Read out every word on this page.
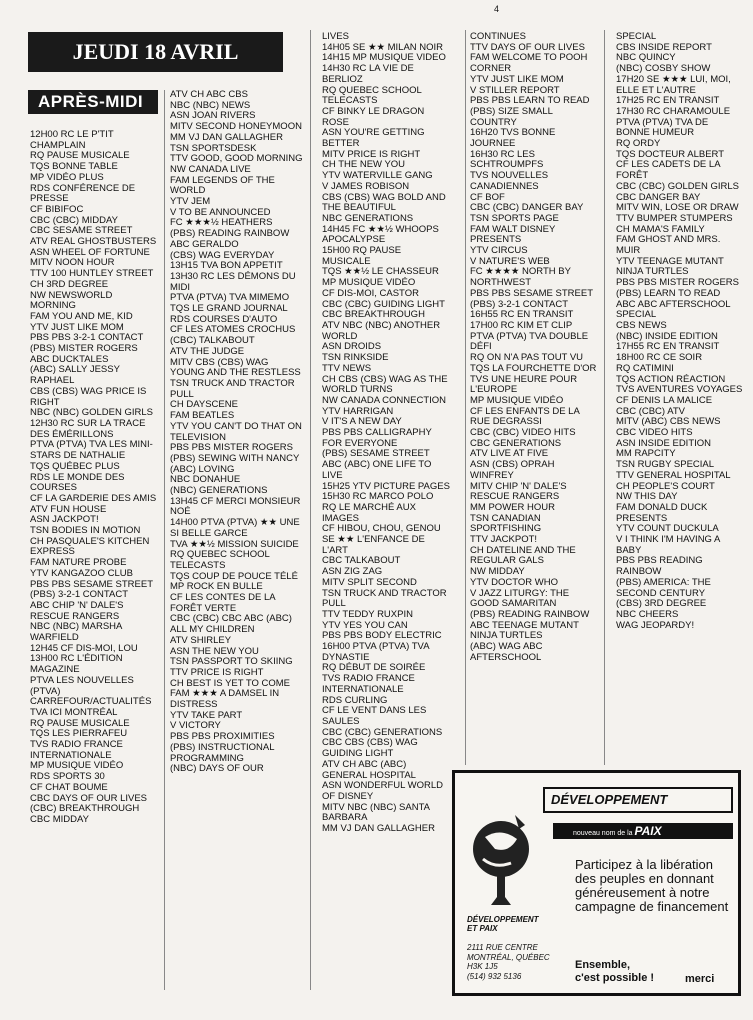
4
JEUDI 18 AVRIL
APRÈS-MIDI
12H00 RC LE P'TIT CHAMPLAIN
RQ PAUSE MUSICALE
TQS BONNE TABLE
MP VIDÉO PLUS
RDS CONFÉRENCE DE PRESSE
CF BIBIFOC
CBC (CBC) MIDDAY
CBC SESAME STREET
ATV REAL GHOSTBUSTERS
ASN WHEEL OF FORTUNE
MITV NOON HOUR
TTV 100 HUNTLEY STREET
CH 3RD DEGREE
NW NEWSWORLD MORNING
FAM YOU AND ME, KID
YTV JUST LIKE MOM
PBS PBS 3-2-1 CONTACT
(PBS) MISTER ROGERS
ABC DUCKTALES
(ABC) SALLY JESSY RAPHAEL
CBS (CBS) WAG PRICE IS RIGHT
NBC (NBC) GOLDEN GIRLS
12H30 RC SUR LA TRACE DES ÉMÉRILLONS
PTVA (PTVA) TVA LES MINI-STARS DE NATHALIE
TQS QUÉBEC PLUS
RDS LE MONDE DES COURSES
CF LA GARDERIE DES AMIS
ATV FUN HOUSE
ASN JACKPOT!
TSN BODIES IN MOTION
CH PASQUALE'S KITCHEN EXPRESS
FAM NATURE PROBE
YTV KANGAZOO CLUB
PBS PBS SESAME STREET
(PBS) 3-2-1 CONTACT
ABC CHIP 'N' DALE'S RESCUE RANGERS
NBC (NBC) MARSHA WARFIELD
12H45 CF DIS-MOI, LOU
13H00 RC L'ÉDITION MAGAZINE
PTVA LES NOUVELLES
(PTVA) CARREFOUR/ACTUALITÉS
TVA ICI MONTRÉAL
RQ PAUSE MUSICALE
TQS LES PIERRAFEU
TVS RADIO FRANCE INTERNATIONALE
MP MUSIQUE VIDÉO
RDS SPORTS 30
CF CHAT BOUME
CBC DAYS OF OUR LIVES
(CBC) BREAKTHROUGH
CBC MIDDAY
ATV CH ABC CBS
NBC (NBC) NEWS
ASN JOAN RIVERS
MITV SECOND HONEYMOON
MM VJ DAN GALLAGHER
TSN SPORTSDESK
TTV GOOD, GOOD MORNING
NW CANADA LIVE
FAM LEGENDS OF THE WORLD
YTV JEM
V TO BE ANNOUNCED
FC ★★★½ HEATHERS
(PBS) READING RAINBOW
ABC GERALDO
(CBS) WAG EVERYDAY
13H15 TVA BON APPETIT
13H30 RC LES DÉMONS DU MIDI
PTVA (PTVA) TVA MIMEMO
TQS LE GRAND JOURNAL
RDS COURSES D'AUTO
CF LES ATOMES CROCHUS
(CBC) TALKABOUT
ATV THE JUDGE
MITV CBS (CBS) WAG YOUNG AND THE RESTLESS
TSN TRUCK AND TRACTOR PULL
CH DAYSCENE
FAM BEATLES
YTV YOU CAN'T DO THAT ON TELEVISION
PBS PBS MISTER ROGERS
(PBS) SEWING WITH NANCY
(ABC) LOVING
NBC DONAHUE
(NBC) GENERATIONS
13H45 CF MERCI MONSIEUR NOÉ
14H00 PTVA (PTVA) ★★ UNE SI BELLE GARCE
TVA ★★½ MISSION SUICIDE
RQ QUEBEC SCHOOL TELECASTS
TQS COUP DE POUCE TÉLÉ
MP ROCK EN BULLE
CF LES CONTES DE LA FORÊT VERTE
CBC (CBC) CBC ABC (ABC) ALL MY CHILDREN
ATV SHIRLEY
ASN THE NEW YOU
TSN PASSPORT TO SKIING
TTV PRICE IS RIGHT
CH BEST IS YET TO COME
FAM ★★★ A DAMSEL IN DISTRESS
YTV TAKE PART
V VICTORY
PBS PBS PROXIMITIES
(PBS) INSTRUCTIONAL PROGRAMMING
(NBC) DAYS OF OUR
LIVES
14H05 SE ★★ MILAN NOIR
14H15 MP MUSIQUE VIDEO
14H30 RC LA VIE DE BERLIOZ
RQ QUEBEC SCHOOL TELECASTS
CF BINKY LE DRAGON ROSE
ASN YOU'RE GETTING BETTER
MITV PRICE IS RIGHT
CH THE NEW YOU
YTV WATERVILLE GANG
V JAMES ROBISON
CBS (CBS) WAG BOLD AND THE BEAUTIFUL
NBC GENERATIONS
14H45 FC ★★½ WHOOPS APOCALYPSE
15H00 RQ PAUSE MUSICALE
TQS ★★½ LE CHASSEUR
MP MUSIQUE VIDÉO
CF DIS-MOI, CASTOR
CBC (CBC) GUIDING LIGHT
CBC BREAKTHROUGH
ATV NBC (NBC) ANOTHER WORLD
ASN DROIDS
TSN RINKSIDE
TTV NEWS
CH CBS (CBS) WAG AS THE WORLD TURNS
NW CANADA CONNECTION
YTV HARRIGAN
V IT'S A NEW DAY
PBS PBS CALLIGRAPHY FOR EVERYONE
(PBS) SESAME STREET
ABC (ABC) ONE LIFE TO LIVE
15H25 YTV PICTURE PAGES
15H30 RC MARCO POLO
RQ LE MARCHÉ AUX IMAGES
CF HIBOU, CHOU, GENOU
SE ★★ L'ENFANCE DE L'ART
CBC TALKABOUT
ASN ZIG ZAG
MITV SPLIT SECOND
TSN TRUCK AND TRACTOR PULL
TTV TEDDY RUXPIN
YTV YES YOU CAN
PBS PBS BODY ELECTRIC
16H00 PTVA (PTVA) TVA DYNASTIE
RQ DÉBUT DE SOIRÉE
TVS RADIO FRANCE INTERNATIONALE
RDS CURLING
CF LE VENT DANS LES SAULES
CBC (CBC) GENERATIONS
CBC CBS (CBS) WAG GUIDING LIGHT
ATV CH ABC (ABC) GENERAL HOSPITAL
ASN WONDERFUL WORLD OF DISNEY
MITV NBC (NBC) SANTA BARBARA
MM VJ DAN GALLAGHER
CONTINUES
TTV DAYS OF OUR LIVES
FAM WELCOME TO POOH CORNER
YTV JUST LIKE MOM
V STILLER REPORT
PBS PBS LEARN TO READ
(PBS) SIZE SMALL COUNTRY
16H20 TVS BONNE JOURNEE
16H30 RC LES SCHTROUMPFS
TVS NOUVELLES CANADIENNES
CF BOF
CBC (CBC) DANGER BAY
TSN SPORTS PAGE
FAM WALT DISNEY PRESENTS
YTV CIRCUS
V NATURE'S WEB
FC ★★★★ NORTH BY NORTHWEST
PBS PBS SESAME STREET
(PBS) 3-2-1 CONTACT
16H55 RC EN TRANSIT
17H00 RC KIM ET CLIP
PTVA (PTVA) TVA DOUBLE DÉFI
RQ ON N'A PAS TOUT VU
TQS LA FOURCHETTE D'OR
TVS UNE HEURE POUR L'EUROPE
MP MUSIQUE VIDÉO
CF LES ENFANTS DE LA RUE DEGRASSI
CBC (CBC) VIDEO HITS
CBC GENERATIONS
ATV LIVE AT FIVE
ASN (CBS) OPRAH WINFREY
MITV CHIP 'N' DALE'S RESCUE RANGERS
MM POWER HOUR
TSN CANADIAN SPORTFISHING
TTV JACKPOT!
CH DATELINE AND THE REGULAR GALS
NW MIDDAY
YTV DOCTOR WHO
V JAZZ LITURGY: THE GOOD SAMARITAN
(PBS) READING RAINBOW
ABC TEENAGE MUTANT NINJA TURTLES
(ABC) WAG ABC AFTERSCHOOL
SPECIAL
CBS INSIDE REPORT
NBC QUINCY
(NBC) COSBY SHOW
17H20 SE ★★★ LUI, MOI, ELLE ET L'AUTRE
17H25 RC EN TRANSIT
17H30 RC CHARAMOULE
PTVA (PTVA) TVA DE BONNE HUMEUR
RQ ORDY
TQS DOCTEUR ALBERT
CF LES CADETS DE LA FORÊT
CBC (CBC) GOLDEN GIRLS
CBC DANGER BAY
MITV WIN, LOSE OR DRAW
TTV BUMPER STUMPERS
CH MAMA'S FAMILY
FAM GHOST AND MRS. MUIR
YTV TEENAGE MUTANT NINJA TURTLES
PBS PBS MISTER ROGERS
(PBS) LEARN TO READ
ABC ABC AFTERSCHOOL SPECIAL
CBS NEWS
(NBC) INSIDE EDITION
17H55 RC EN TRANSIT
18H00 RC CE SOIR
RQ CATIMINI
TQS ACTION RÉACTION
TVS AVENTURES VOYAGES
CF DENIS LA MALICE
CBC (CBC) ATV
MITV (ABC) CBS NEWS
CBC VIDEO HITS
ASN INSIDE EDITION
MM RAPCITY
TSN RUGBY SPECIAL
TTV GENERAL HOSPITAL
CH PEOPLE'S COURT
NW THIS DAY
FAM DONALD DUCK PRESENTS
YTV COUNT DUCKULA
V I THINK I'M HAVING A BABY
PBS PBS READING RAINBOW
(PBS) AMERICA: THE SECOND CENTURY
(CBS) 3RD DEGREE
NBC CHEERS
WAG JEOPARDY!
DÉVELOPPEMENT
nouveau nom de la PAIX
DÉVELOPPEMENT
ET PAIX
2111 RUE CENTRE
MONTRÉAL, QUÉBEC
H3K 1J5
(514) 932 5136
Participez à la libération des peuples en donnant généreusement à notre campagne de financement
Ensemble,
c'est possible !	merci
